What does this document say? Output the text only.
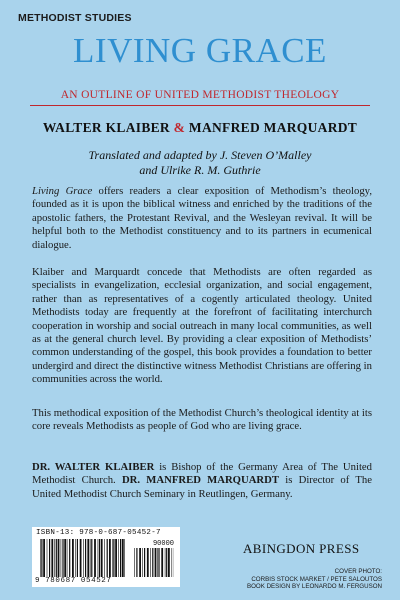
METHODIST STUDIES
LIVING GRACE
AN OUTLINE OF UNITED METHODIST THEOLOGY
WALTER KLAIBER & MANFRED MARQUARDT
Translated and adapted by J. Steven O’Malley
and Ulrike R. M. Guthrie
Living Grace offers readers a clear exposition of Methodism’s theology, founded as it is upon the biblical witness and enriched by the traditions of the apostolic fathers, the Protestant Revival, and the Wesleyan revival. It will be helpful both to the Methodist constituency and to its partners in ecumenical dialogue.
Klaiber and Marquardt concede that Methodists are often regarded as specialists in evangelization, ecclesial organization, and social engagement, rather than as representatives of a cogently articulated theology. United Methodists today are frequently at the forefront of facilitating interchurch cooperation in worship and social outreach in many local communities, as well as at the general church level. By providing a clear exposition of Methodists’ common understanding of the gospel, this book provides a foundation to better undergird and direct the distinctive witness Methodist Christians are offering in communities across the world.
This methodical exposition of the Methodist Church’s theological identity at its core reveals Methodists as people of God who are living grace.
DR. WALTER KLAIBER is Bishop of the Germany Area of The United Methodist Church. DR. MANFRED MARQUARDT is Director of The United Methodist Church Seminary in Reutlingen, Germany.
ISBN-13: 978-0-687-05452-7
90000
9 780687 054527
ABINGDON PRESS
COVER PHOTO:
CORBIS STOCK MARKET / PETE SALOUTOS
BOOK DESIGN BY LEONARDO M. FERGUSON
